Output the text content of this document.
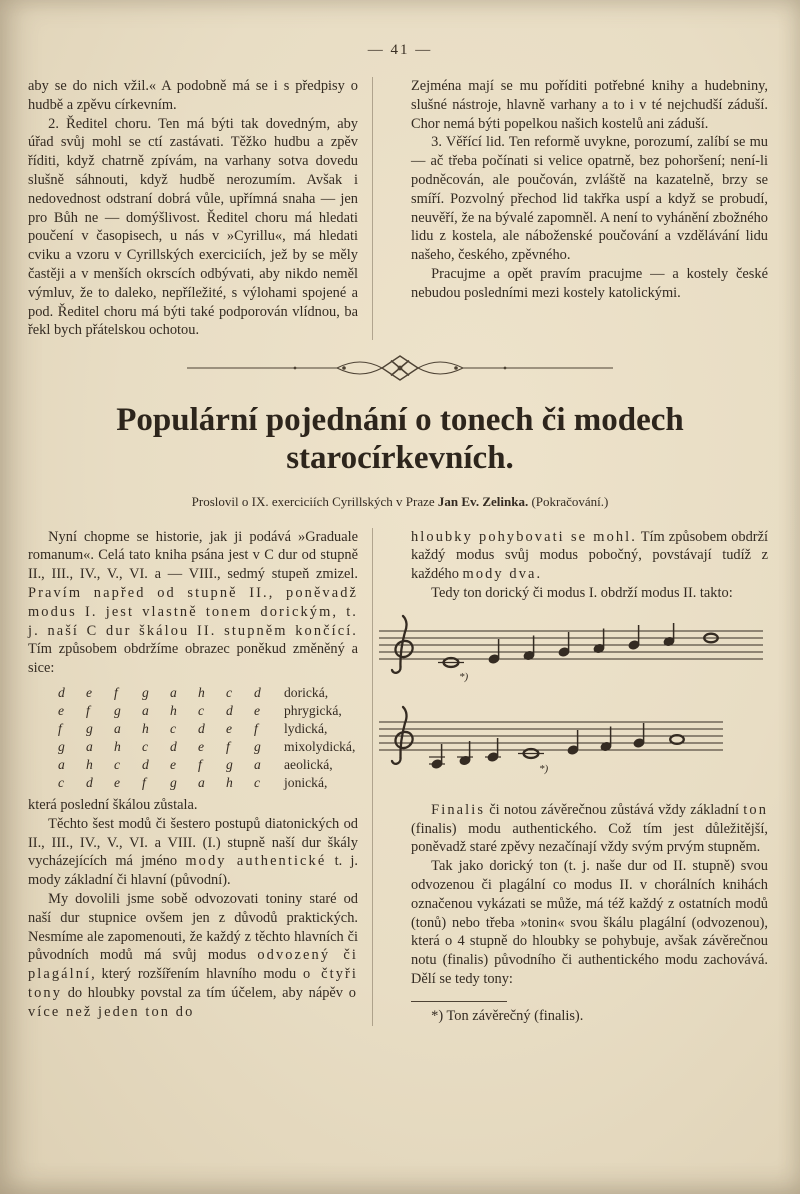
— 41 —

aby se do nich vžil.« A podobně má se i s předpisy o hudbě a zpěvu církevním.

2. Ředitel choru. Ten má býti tak dovedným, aby úřad svůj mohl se ctí zastávati. Těžko hudbu a zpěv říditi, když chatrně zpívám, na varhany sotva dovedu slušně sáhnouti, když hudbě nerozumím. Avšak i nedovednost odstraní dobrá vůle, upřímná snaha — jen pro Bůh ne — domýšlivost. Ředitel choru má hledati poučení v časopisech, u nás v »Cyrillu«, má hledati cviku a vzoru v Cyrillských exerciciích, jež by se měly častěji a v menších okrscích odbývati, aby nikdo neměl výmluv, že to daleko, nepříležité, s výlohami spojené a pod. Ředitel choru má býti také podporován vlídnou, ba řekl bych přátelskou ochotou.

Zejména mají se mu poříditi potřebné knihy a hudebniny, slušné nástroje, hlavně varhany a to i v té nejchudší záduší. Chor nemá býti popelkou našich kostelů ani záduší.

3. Věřící lid. Ten reformě uvykne, porozumí, zalíbí se mu — ač třeba počínati si velice opatrně, bez pohoršení; není-li podněcován, ale poučován, zvláště na kazatelně, brzy se smíří. Pozvolný přechod lid takřka uspí a když se probudí, neuvěří, že na bývalé zapomněl. A není to vyhánění zbožného lidu z kostela, ale náboženské poučování a vzdělávání lidu našeho, českého, zpěvného.

Pracujme a opět pravím pracujme — a kostely české nebudou posledními mezi kostely katolickými.

Populární pojednání o tonech či modech
starocírkevních.
Proslovil o IX. exerciciích Cyrillských v Praze Jan Ev. Zelinka. (Pokračování.)

Nyní chopme se historie, jak ji podává »Graduale romanum«. Celá tato kniha psána jest v C dur od stupně II., III., IV., V., VI. a — VIII., sedmý stupeň zmizel. Pravím napřed od stupně II., poněvadž modus I. jest vlastně tonem dorickým, t. j. naší C dur škálou II. stupněm končící. Tím způsobem obdržíme obrazec poněkud změněný a sice:

d	e	f	g	a	h	c	d	dorická,
e	f	g	a	h	c	d	e	phrygická,
f	g	a	h	c	d	e	f	lydická,
g	a	h	c	d	e	f	g	mixolydická,
a	h	c	d	e	f	g	a	aeolická,
c	d	e	f	g	a	h	c	jonická,

která poslední škálou zůstala.

Těchto šest modů či šestero postupů diatonických od II., III., IV., V., VI. a VIII. (I.) stupně naší dur škály vycházejících má jméno mody authentické t. j. mody základní či hlavní (původní).

My dovolili jsme sobě odvozovati toniny staré od naší dur stupnice ovšem jen z důvodů praktických. Nesmíme ale zapomenouti, že každý z těchto hlavních či původních modů má svůj modus odvozený či plagální, který rozšířením hlavního modu o čtyři tony do hloubky povstal za tím účelem, aby nápěv o více než jeden ton do

hloubky pohybovati se mohl. Tím způsobem obdrží každý modus svůj modus pobočný, povstávají tudíž z každého mody dva.

Tedy ton dorický či modus I. obdrží modus II. takto:

*)
*)

Finalis či notou závěrečnou zůstává vždy základní ton (finalis) modu authentického. Což tím jest důležitější, poněvadž staré zpěvy nezačínají vždy svým prvým stupněm.

Tak jako dorický ton (t. j. naše dur od II. stupně) svou odvozenou či plagální co modus II. v chorálních knihách označenou vykázati se může, má též každý z ostatních modů (tonů) nebo třeba »tonin« svou škálu plagální (odvozenou), která o 4 stupně do hloubky se pohybuje, avšak závěrečnou notu (finalis) původního či authentického modu zachovává. Dělí se tedy tony:

*) Ton závěrečný (finalis).
